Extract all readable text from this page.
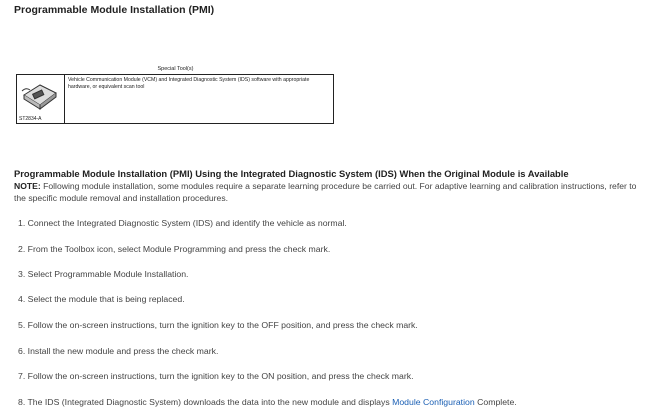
Programmable Module Installation (PMI)
Special Tool(s)
ST2834-A
Vehicle Communication Module (VCM) and Integrated Diagnostic System (IDS) software with appropriate hardware, or equivalent scan tool
Programmable Module Installation (PMI) Using the Integrated Diagnostic System (IDS) When the Original Module is Available
NOTE: Following module installation, some modules require a separate learning procedure be carried out. For adaptive learning and calibration instructions, refer to the specific module removal and installation procedures.
1. Connect the Integrated Diagnostic System (IDS) and identify the vehicle as normal.
2. From the Toolbox icon, select Module Programming and press the check mark.
3. Select Programmable Module Installation.
4. Select the module that is being replaced.
5. Follow the on-screen instructions, turn the ignition key to the OFF position, and press the check mark.
6. Install the new module and press the check mark.
7. Follow the on-screen instructions, turn the ignition key to the ON position, and press the check mark.
8. The IDS (Integrated Diagnostic System) downloads the data into the new module and displays Module Configuration Complete.
